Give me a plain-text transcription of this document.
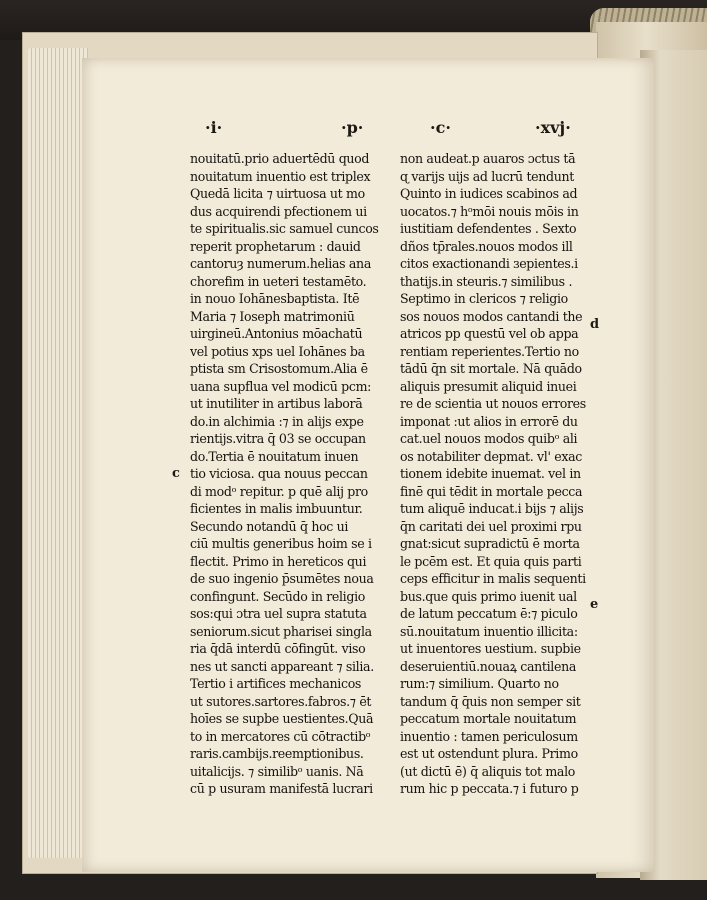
·i·	·p·	·c·	·xvj·
nouitatū.prio aduertēdū quod
nouitatum inuentio est triplex
Quedā licita ⁊ uirtuosa ut mo
dus acquirendi pfectionem ui
te spiritualis.sic samuel cuncos
reperit prophetarum : dauid
cantoruȝ numerum.helias ana
chorefim in ueteri testamēto.
in nouo Iohānesbaptista. Itē
Maria ⁊ Ioseph matrimoniū
uirgineū.Antonius mōachatū
vel potius xps uel Iohānes ba
ptista sm Crisostomum.Alia ē
uana supflua vel modicū pcm:
ut inutiliter in artibus laborā
do.in alchimia :⁊ in alijs expe
rientijs.vitra q̄ 03 se occupan
do.Tertia ē nouitatum inuen
tio viciosa. qua nouus peccan
di modᵒ repitur. p quē alij pro
ficientes in malis imbuuntur.
Secundo notandū q̄ hoc ui
ciū multis generibus hoim se i
flectit. Primo in hereticos qui
de suo ingenio p̄sumētes noua
confingunt. Secūdo in religio
sos:qui ɔtra uel supra statuta
seniorum.sicut pharisei singla
ria q̄dā interdū cōfingūt. viso
nes ut sancti appareant ⁊ silia.
Tertio i artifices mechanicos
ut sutores.sartores.fabros.⁊ ēt
hoīes se supbe uestientes.Quā
to in mercatores cū cōtractibᵒ
raris.cambijs.reemptionibus.
uitalicijs. ⁊ similibᵒ uanis. Nā
cū p usuram manifestā lucrari
non audeat.p auaros ɔctus tā
ɋ varijs uijs ad lucrū tendunt
Quinto in iudices scabinos ad
uocatos.⁊ hᵒmōi nouis mōis in
iustitiam defendentes . Sexto
dños tp̄rales.nouos modos ill
citos exactionandi ɜepientes.i
thatijs.in steuris.⁊ similibus .
Septimo in clericos ⁊ religio
sos nouos modos cantandi the
atricos pp questū vel ob appa
rentiam reperientes.Tertio no
tādū q̄n sit mortale. Nā quādo
aliquis presumit aliquid inuei
re de scientia ut nouos errores
imponat :ut alios in errorē du
cat.uel nouos modos quibᵒ ali
os notabiliter depmat. vl' exac
tionem idebite inuemat. vel in
finē qui tēdit in mortale pecca
tum aliquē inducat.i bijs ⁊ alijs
q̄n caritati dei uel proximi rpu
gnat:sicut supradictū ē morta
le pcēm est. Et quia quis parti
ceps efficitur in malis sequenti
bus.que quis primo iuenit ual
de latum peccatum ē:⁊ piculo
sū.nouitatum inuentio illicita:
ut inuentores uestium. supbie
deseruientiū.nouaꝝ cantilena
rum:⁊ similium. Quarto no
tandum q̄ q̄uis non semper sit
peccatum mortale nouitatum
inuentio : tamen periculosum
est ut ostendunt plura. Primo
(ut dictū ē) q̄ aliquis tot malo
rum hic p peccata.⁊ i futuro p
c
d
e
